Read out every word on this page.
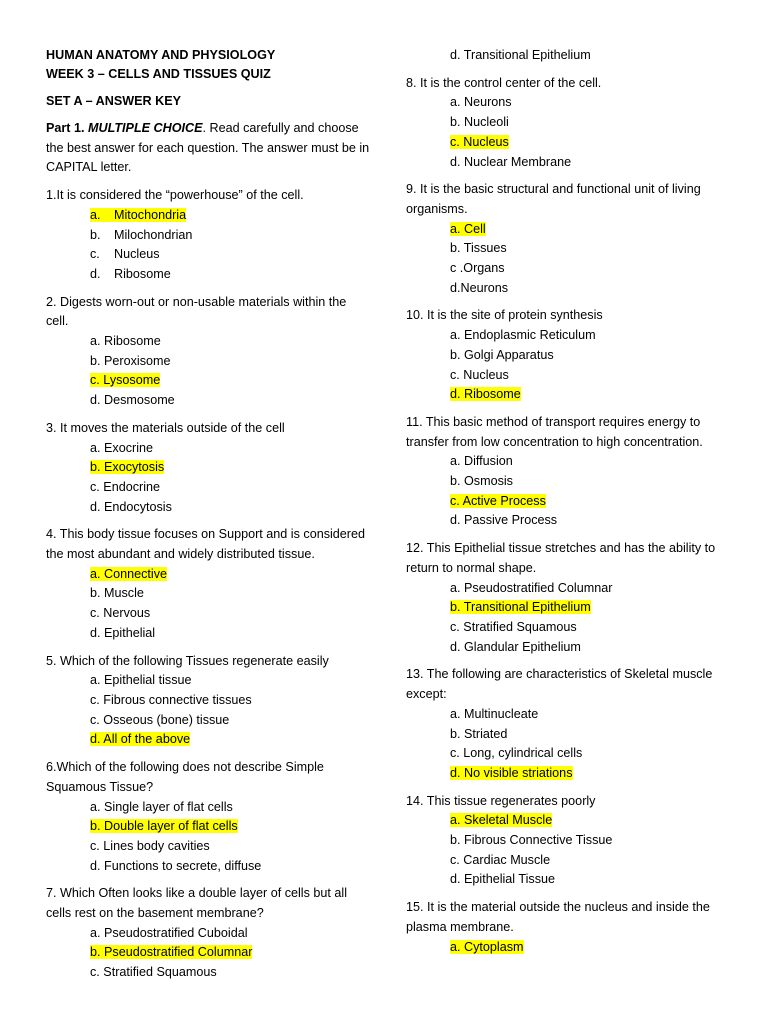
HUMAN ANATOMY AND PHYSIOLOGY
WEEK 3 – CELLS AND TISSUES QUIZ
SET A – ANSWER KEY
Part 1. MULTIPLE CHOICE. Read carefully and choose the best answer for each question. The answer must be in CAPITAL letter.
1.It is considered the “powerhouse” of the cell.
a. Mitochondria
b. Milochondrian
c. Nucleus
d. Ribosome
2. Digests worn-out or non-usable materials within the cell.
a. Ribosome
b. Peroxisome
c. Lysosome
d. Desmosome
3. It moves the materials outside of the cell
a. Exocrine
b. Exocytosis
c. Endocrine
d. Endocytosis
4. This body tissue focuses on Support and is considered the most abundant and widely distributed tissue.
a. Connective
b. Muscle
c. Nervous
d. Epithelial
5. Which of the following Tissues regenerate easily
a. Epithelial tissue
c. Fibrous connective tissues
c. Osseous (bone) tissue
d. All of the above
6.Which of the following does not describe Simple Squamous Tissue?
a. Single layer of flat cells
b. Double layer of flat cells
c. Lines body cavities
d. Functions to secrete, diffuse
7. Which Often looks like a double layer of cells but all cells rest on the basement membrane?
a. Pseudostratified Cuboidal
b. Pseudostratified Columnar
c. Stratified Squamous
d. Transitional Epithelium
8. It is the control center of the cell.
a. Neurons
b. Nucleoli
c. Nucleus
d. Nuclear Membrane
9. It is the basic structural and functional unit of living organisms.
a. Cell
b. Tissues
c .Organs
d.Neurons
10. It is the site of protein synthesis
a. Endoplasmic Reticulum
b. Golgi Apparatus
c. Nucleus
d. Ribosome
11. This basic method of transport requires energy to transfer from low concentration to high concentration.
a. Diffusion
b. Osmosis
c. Active Process
d. Passive Process
12. This Epithelial tissue stretches and has the ability to return to normal shape.
a. Pseudostratified Columnar
b. Transitional Epithelium
c. Stratified Squamous
d. Glandular Epithelium
13. The following are characteristics of Skeletal muscle except:
a. Multinucleate
b. Striated
c. Long, cylindrical cells
d. No visible striations
14. This tissue regenerates poorly
a. Skeletal Muscle
b. Fibrous Connective Tissue
c. Cardiac Muscle
d. Epithelial Tissue
15. It is the material outside the nucleus and inside the plasma membrane.
a. Cytoplasm
